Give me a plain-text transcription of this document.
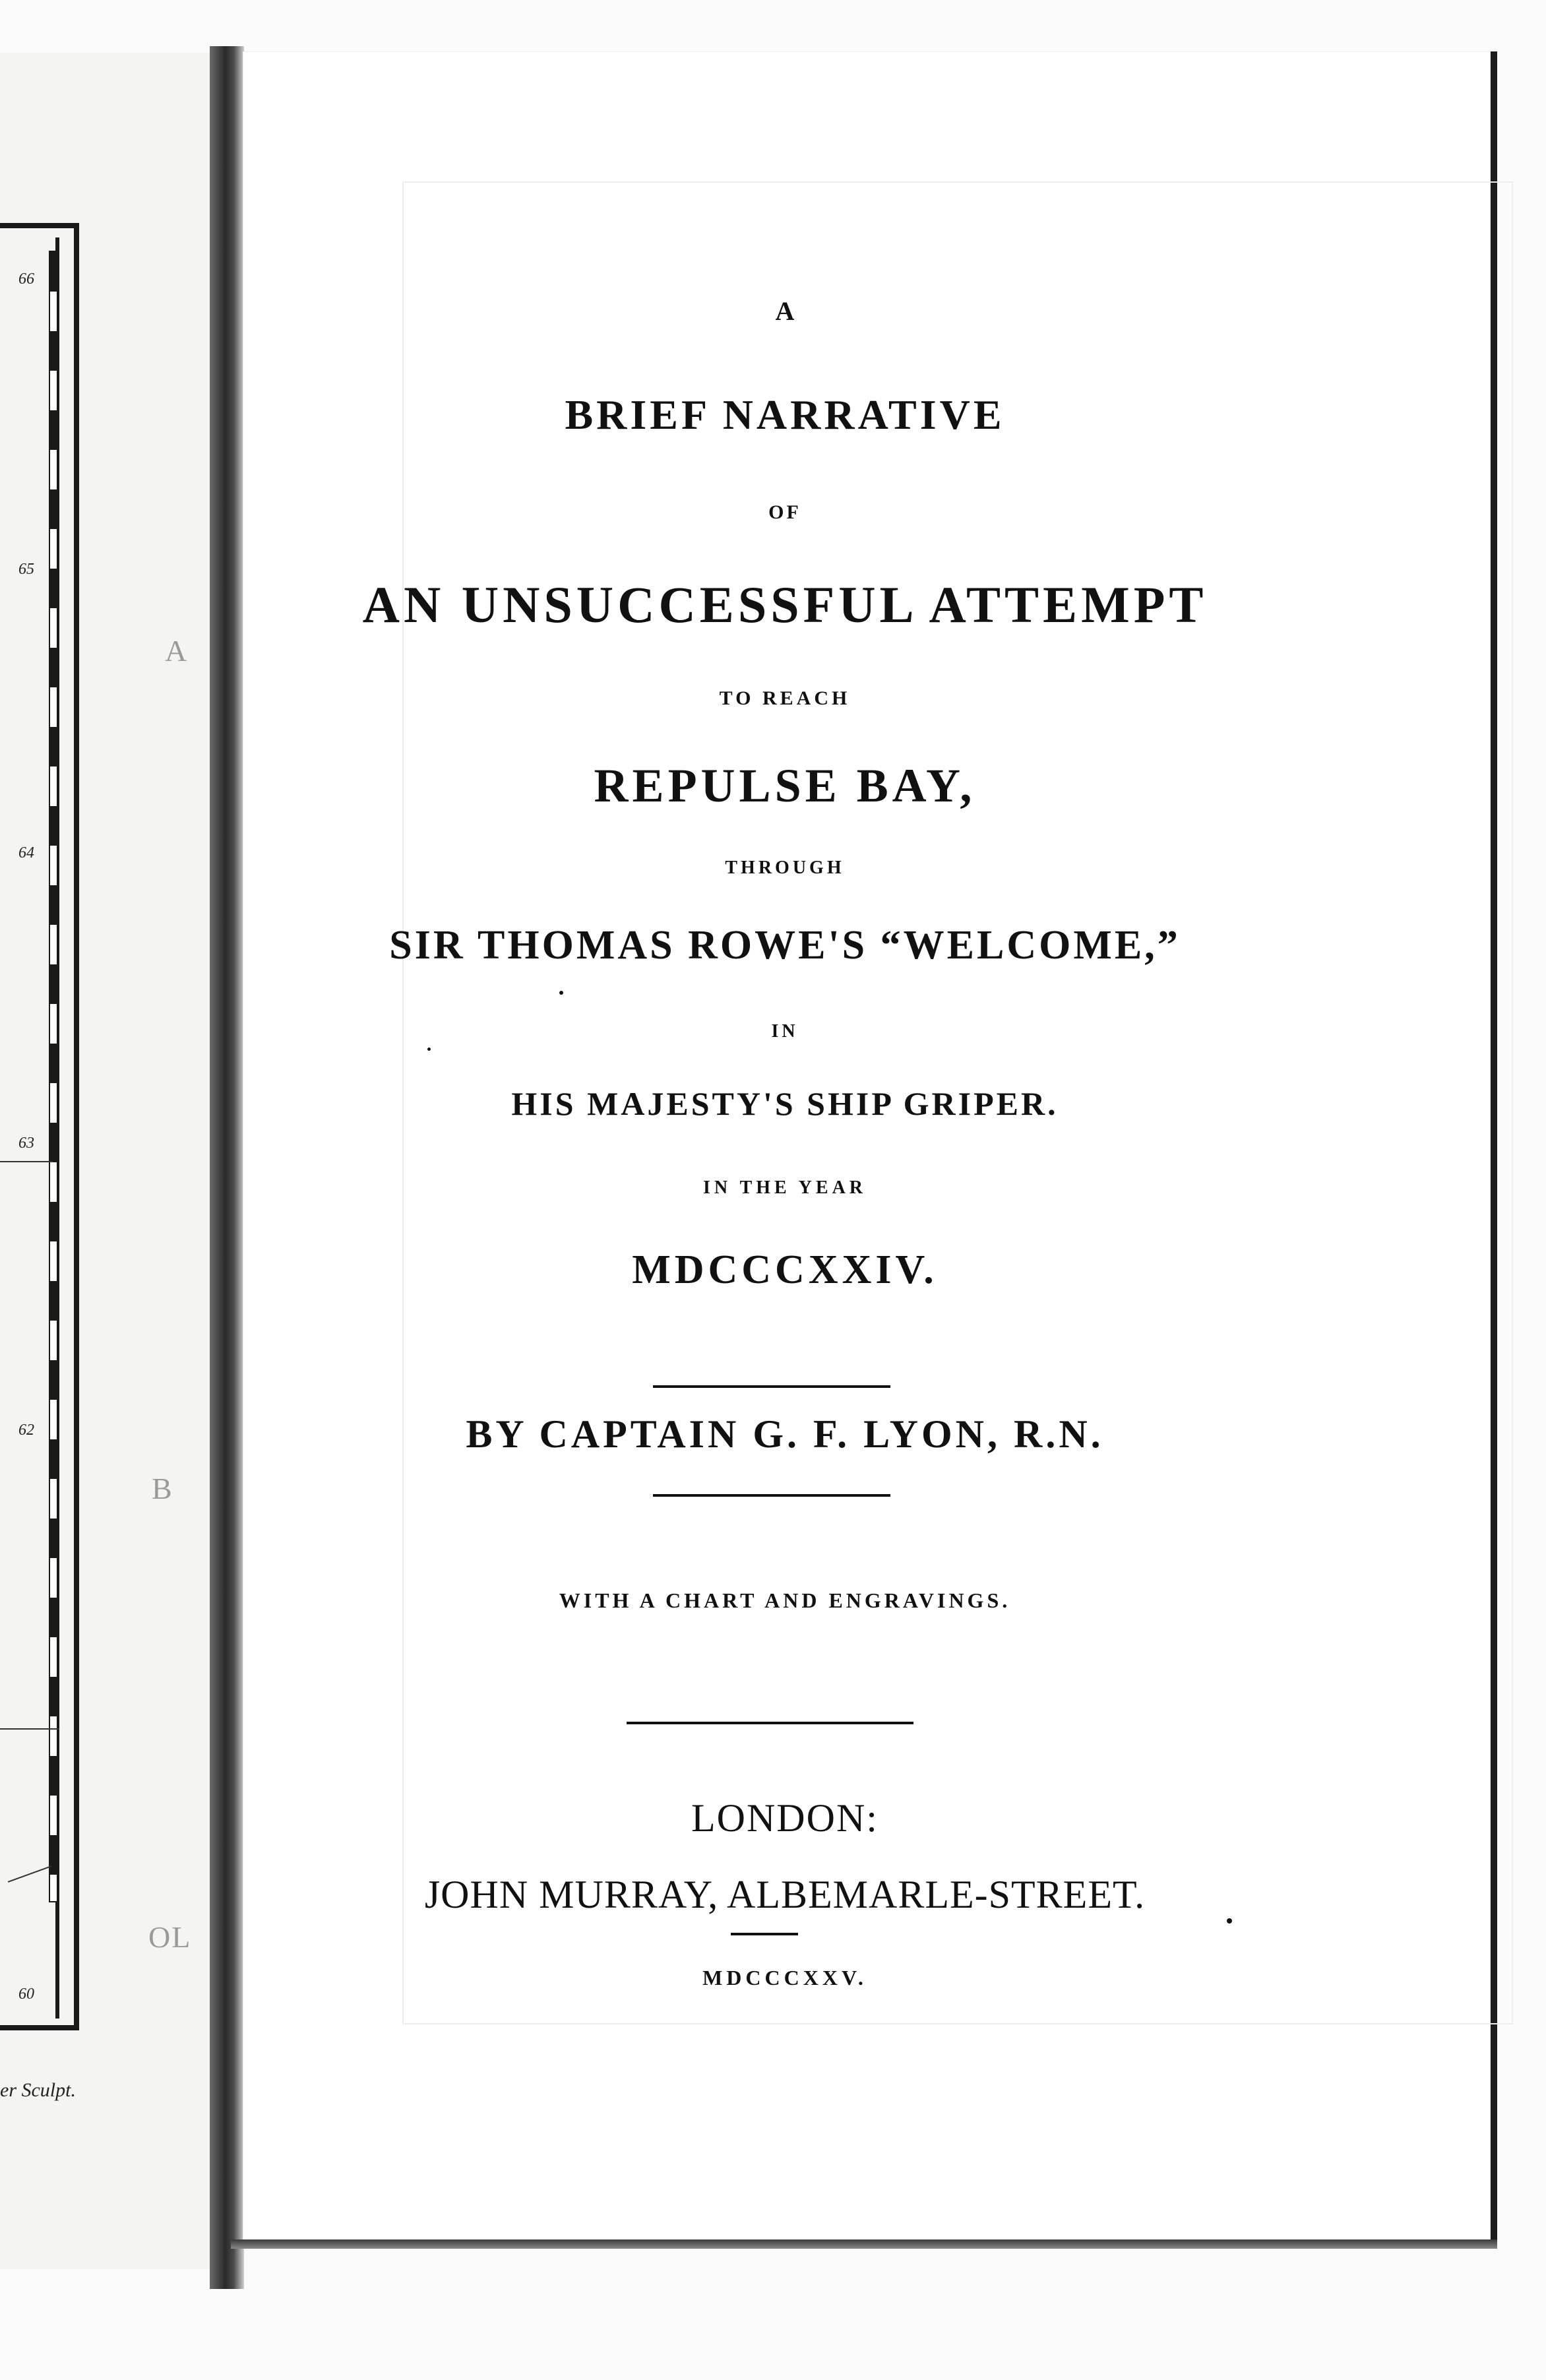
66
65
64
63
62
60
A
B
OL
er Sculpt.
A
BRIEF NARRATIVE
OF
AN UNSUCCESSFUL ATTEMPT
TO REACH
REPULSE BAY,
THROUGH
SIR THOMAS ROWE'S “WELCOME,”
IN
HIS MAJESTY'S SHIP GRIPER.
IN THE YEAR
MDCCCXXIV.
BY CAPTAIN G. F. LYON, R.N.
WITH A CHART AND ENGRAVINGS.
LONDON:
JOHN MURRAY, ALBEMARLE-STREET.
MDCCCXXV.
